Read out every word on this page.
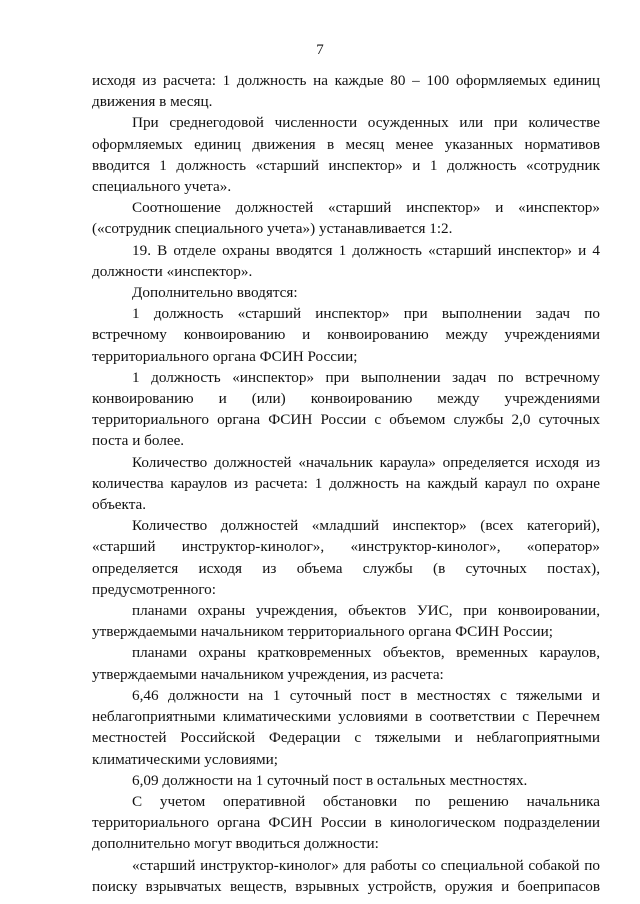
7

исходя из расчета: 1 должность на каждые 80 – 100 оформляемых единиц движения в месяц.

При среднегодовой численности осужденных или при количестве оформляемых единиц движения в месяц менее указанных нормативов вводится 1 должность «старший инспектор» и 1 должность «сотрудник специального учета».

Соотношение должностей «старший инспектор» и «инспектор» («сотрудник специального учета») устанавливается 1:2.

19. В отделе охраны вводятся 1 должность «старший инспектор» и 4 должности «инспектор».

Дополнительно вводятся:

1 должность «старший инспектор» при выполнении задач по встречному конвоированию и конвоированию между учреждениями территориального органа ФСИН России;

1 должность «инспектор» при выполнении задач по встречному конвоированию и (или) конвоированию между учреждениями территориального органа ФСИН России с объемом службы 2,0 суточных поста и более.

Количество должностей «начальник караула» определяется исходя из количества караулов из расчета: 1 должность на каждый караул по охране объекта.

Количество должностей «младший инспектор» (всех категорий), «старший инструктор-кинолог», «инструктор-кинолог», «оператор» определяется исходя из объема службы (в суточных постах), предусмотренного:

планами охраны учреждения, объектов УИС, при конвоировании, утверждаемыми начальником территориального органа ФСИН России;

планами охраны кратковременных объектов, временных караулов, утверждаемыми начальником учреждения, из расчета:

6,46 должности на 1 суточный пост в местностях с тяжелыми и неблагоприятными климатическими условиями в соответствии с Перечнем местностей Российской Федерации с тяжелыми и неблагоприятными климатическими условиями;

6,09 должности на 1 суточный пост в остальных местностях.

С учетом оперативной обстановки по решению начальника территориального органа ФСИН России в кинологическом подразделении дополнительно могут вводиться должности:

«старший инструктор-кинолог» для работы со специальной собакой по поиску взрывчатых веществ, взрывных устройств, оружия и боеприпасов
